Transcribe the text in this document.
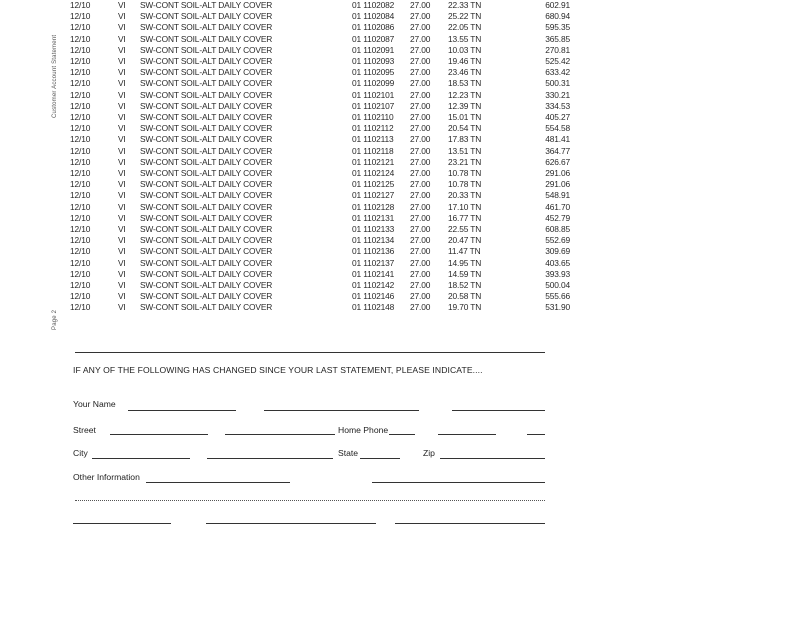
Customer Account Statement
Page 2
12/10	VI	SW-CONT SOIL-ALT DAILY COVER	01 1102082	27.00	22.33 TN	602.91
12/10	VI	SW-CONT SOIL-ALT DAILY COVER	01 1102084	27.00	25.22 TN	680.94
12/10	VI	SW-CONT SOIL-ALT DAILY COVER	01 1102086	27.00	22.05 TN	595.35
12/10	VI	SW-CONT SOIL-ALT DAILY COVER	01 1102087	27.00	13.55 TN	365.85
12/10	VI	SW-CONT SOIL-ALT DAILY COVER	01 1102091	27.00	10.03 TN	270.81
12/10	VI	SW-CONT SOIL-ALT DAILY COVER	01 1102093	27.00	19.46 TN	525.42
12/10	VI	SW-CONT SOIL-ALT DAILY COVER	01 1102095	27.00	23.46 TN	633.42
12/10	VI	SW-CONT SOIL-ALT DAILY COVER	01 1102099	27.00	18.53 TN	500.31
12/10	VI	SW-CONT SOIL-ALT DAILY COVER	01 1102101	27.00	12.23 TN	330.21
12/10	VI	SW-CONT SOIL-ALT DAILY COVER	01 1102107	27.00	12.39 TN	334.53
12/10	VI	SW-CONT SOIL-ALT DAILY COVER	01 1102110	27.00	15.01 TN	405.27
12/10	VI	SW-CONT SOIL-ALT DAILY COVER	01 1102112	27.00	20.54 TN	554.58
12/10	VI	SW-CONT SOIL-ALT DAILY COVER	01 1102113	27.00	17.83 TN	481.41
12/10	VI	SW-CONT SOIL-ALT DAILY COVER	01 1102118	27.00	13.51 TN	364.77
12/10	VI	SW-CONT SOIL-ALT DAILY COVER	01 1102121	27.00	23.21 TN	626.67
12/10	VI	SW-CONT SOIL-ALT DAILY COVER	01 1102124	27.00	10.78 TN	291.06
12/10	VI	SW-CONT SOIL-ALT DAILY COVER	01 1102125	27.00	10.78 TN	291.06
12/10	VI	SW-CONT SOIL-ALT DAILY COVER	01 1102127	27.00	20.33 TN	548.91
12/10	VI	SW-CONT SOIL-ALT DAILY COVER	01 1102128	27.00	17.10 TN	461.70
12/10	VI	SW-CONT SOIL-ALT DAILY COVER	01 1102131	27.00	16.77 TN	452.79
12/10	VI	SW-CONT SOIL-ALT DAILY COVER	01 1102133	27.00	22.55 TN	608.85
12/10	VI	SW-CONT SOIL-ALT DAILY COVER	01 1102134	27.00	20.47 TN	552.69
12/10	VI	SW-CONT SOIL-ALT DAILY COVER	01 1102136	27.00	11.47 TN	309.69
12/10	VI	SW-CONT SOIL-ALT DAILY COVER	01 1102137	27.00	14.95 TN	403.65
12/10	VI	SW-CONT SOIL-ALT DAILY COVER	01 1102141	27.00	14.59 TN	393.93
12/10	VI	SW-CONT SOIL-ALT DAILY COVER	01 1102142	27.00	18.52 TN	500.04
12/10	VI	SW-CONT SOIL-ALT DAILY COVER	01 1102146	27.00	20.58 TN	555.66
12/10	VI	SW-CONT SOIL-ALT DAILY COVER	01 1102148	27.00	19.70 TN	531.90
IF ANY OF THE FOLLOWING HAS CHANGED SINCE YOUR LAST STATEMENT, PLEASE INDICATE....
Your Name
Street	Home Phone
City	State	Zip
Other Information
